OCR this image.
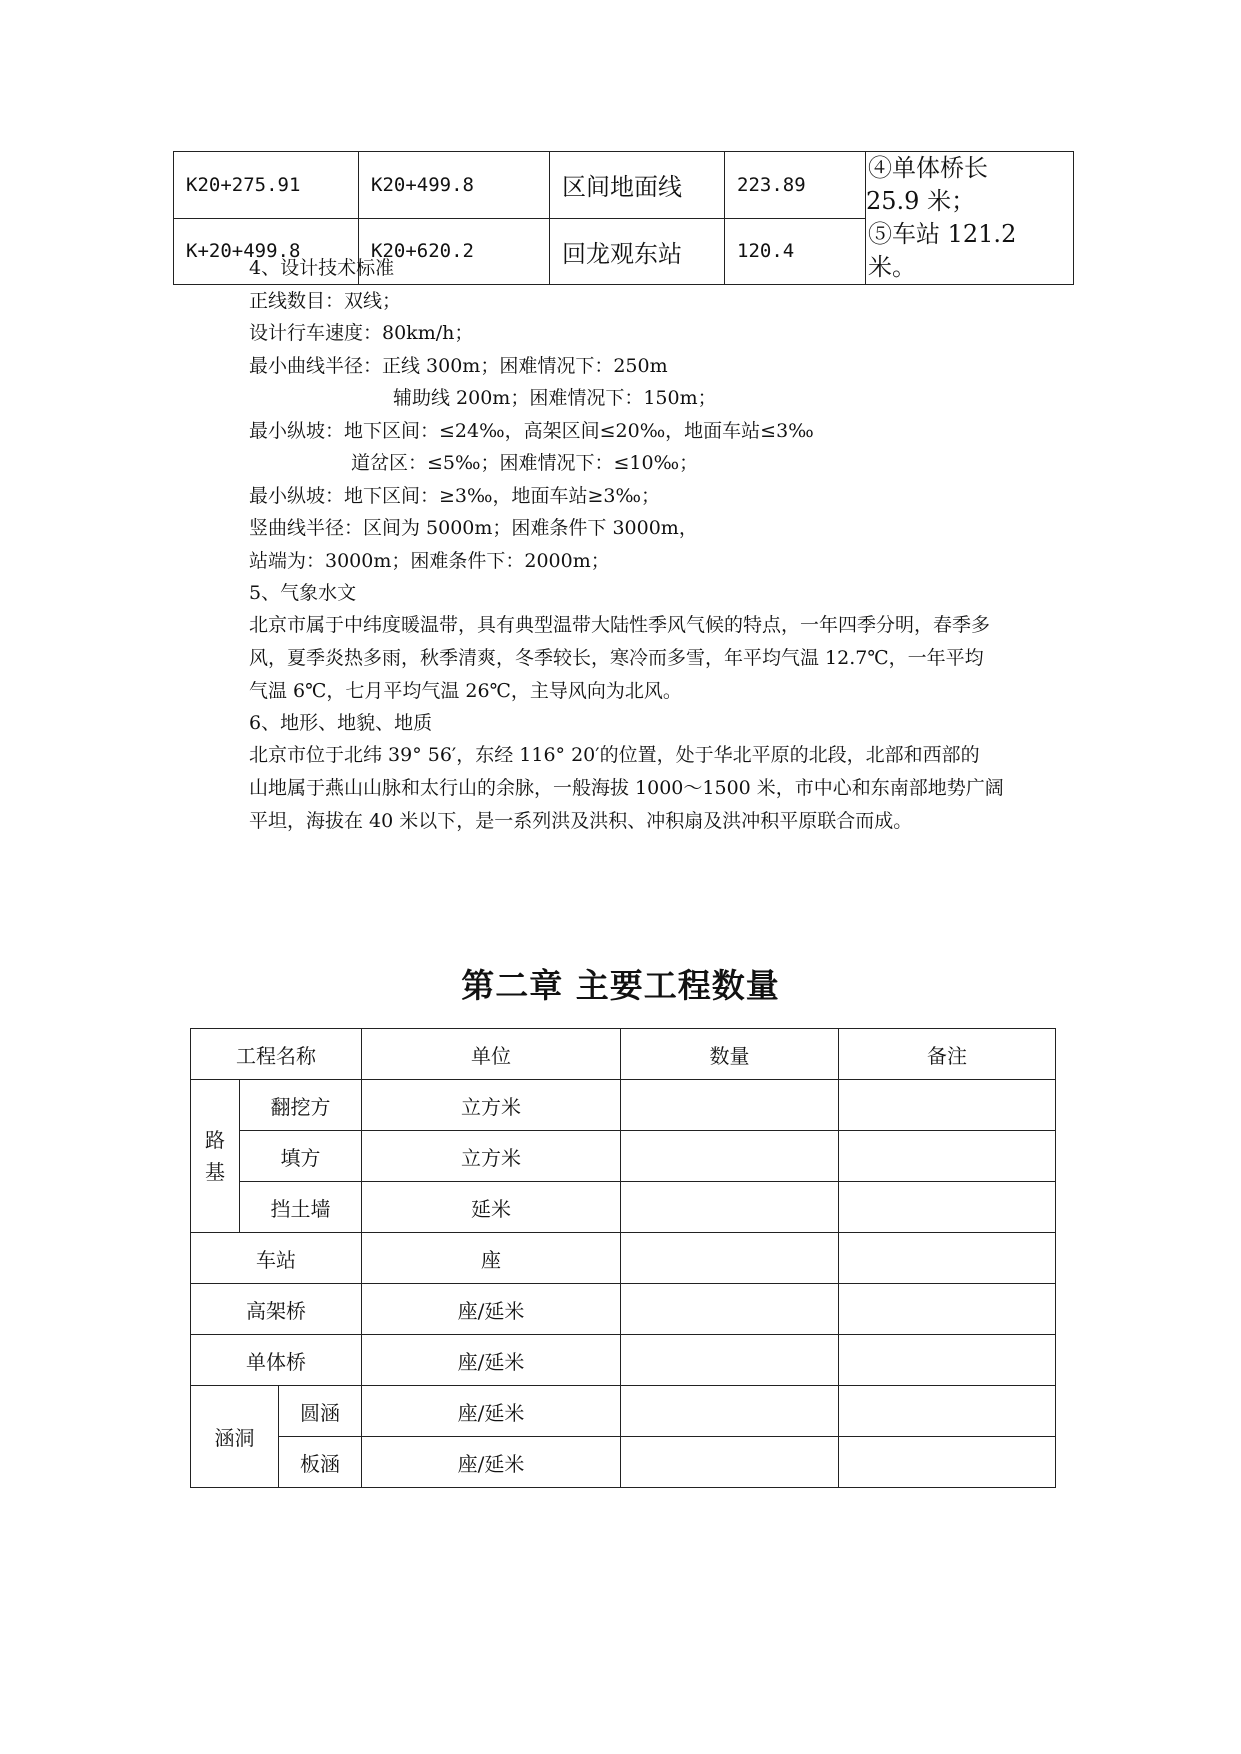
K20+275.91	K20+499.8	区间地面线	223.89	④单体桥长
25.9 米；
⑤车站 121.2 米。

K+20+499.8	K20+620.2	回龙观东站	120.4	
4、设计技术标准
正线数目：双线；
设计行车速度：80km/h；
最小曲线半径：正线 300m；困难情况下：250m
辅助线 200m；困难情况下：150m；
最小纵坡：地下区间：≤24‰，高架区间≤20‰，地面车站≤3‰
道岔区：≤5‰；困难情况下：≤10‰；
最小纵坡：地下区间：≥3‰，地面车站≥3‰；
竖曲线半径：区间为 5000m；困难条件下 3000m，
站端为：3000m；困难条件下：2000m；
5、气象水文
北京市属于中纬度暖温带，具有典型温带大陆性季风气候的特点，一年四季分明，春季多
风，夏季炎热多雨，秋季清爽，冬季较长，寒冷而多雪，年平均气温 12.7℃，一年平均
气温 6℃，七月平均气温 26℃，主导风向为北风。
6、地形、地貌、地质
北京市位于北纬 39° 56′，东经 116° 20′的位置，处于华北平原的北段，北部和西部的
山地属于燕山山脉和太行山的余脉，一般海拔 1000～1500 米，市中心和东南部地势广阔
平坦，海拔在 40 米以下，是一系列洪及洪积、冲积扇及洪冲积平原联合而成。
第二章 主要工程数量
工程名称			单位	数量	备注

路
基	翻挖方		立方米		
	填方		立方米		
	挡土墙		延米		
车站			座		
高架桥			座/延米		
单体桥			座/延米		
涵洞		圆涵	座/延米		
		板涵	座/延米		
